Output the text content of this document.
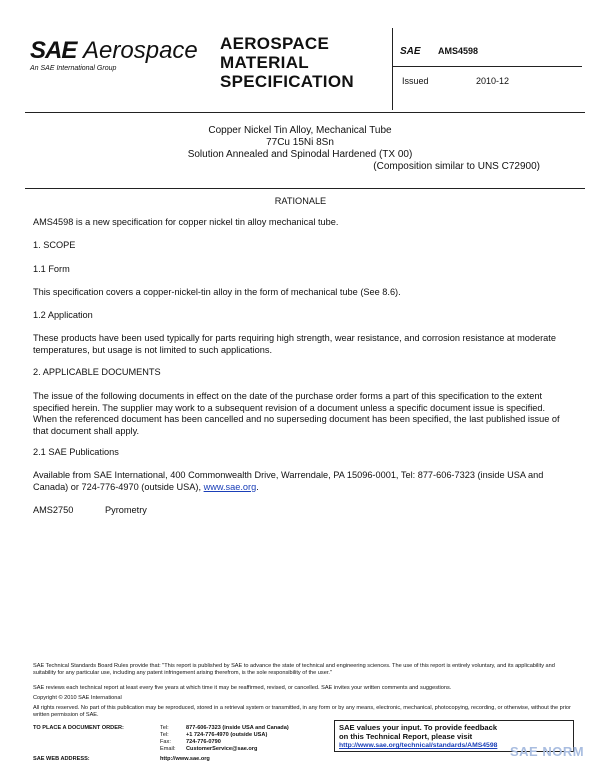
SAE Aerospace
An SAE International Group
AEROSPACE
MATERIAL
SPECIFICATION
SAE AMS4598
Issued	2010-12
Copper Nickel Tin Alloy, Mechanical Tube
77Cu 15Ni 8Sn
Solution Annealed and Spinodal Hardened (TX 00)
(Composition similar to UNS C72900)
RATIONALE
AMS4598 is a new specification for copper nickel tin alloy mechanical tube.
1. SCOPE
1.1 Form
This specification covers a copper-nickel-tin alloy in the form of mechanical tube (See 8.6).
1.2 Application
These products have been used typically for parts requiring high strength, wear resistance, and corrosion resistance at moderate temperatures, but usage is not limited to such applications.
2. APPLICABLE DOCUMENTS
The issue of the following documents in effect on the date of the purchase order forms a part of this specification to the extent specified herein. The supplier may work to a subsequent revision of a document unless a specific document issue is specified. When the referenced document has been cancelled and no superseding document has been specified, the last published issue of that document shall apply.
2.1 SAE Publications
Available from SAE International, 400 Commonwealth Drive, Warrendale, PA 15096-0001, Tel: 877-606-7323 (inside USA and Canada) or 724-776-4970 (outside USA), www.sae.org.
AMS2750	Pyrometry
SAE Technical Standards Board Rules provide that: "This report is published by SAE to advance the state of technical and engineering sciences. The use of this report is entirely voluntary, and its applicability and suitability for any particular use, including any patent infringement arising therefrom, is the sole responsibility of the user."
SAE reviews each technical report at least every five years at which time it may be reaffirmed, revised, or cancelled. SAE invites your written comments and suggestions.
Copyright © 2010 SAE International
All rights reserved. No part of this publication may be reproduced, stored in a retrieval system or transmitted, in any form or by any means, electronic, mechanical, photocopying, recording, or otherwise, without the prior written permission of SAE.
TO PLACE A DOCUMENT ORDER:	Tel:	877-606-7323 (inside USA and Canada)
Tel:	+1 724-776-4970 (outside USA)
Fax:	724-776-0790
Email: CustomerService@sae.org
SAE WEB ADDRESS:	http://www.sae.org
SAE values your input. To provide feedback
on this Technical Report, please visit
http://www.sae.org/technical/standards/AMS4598 SAE NORM
